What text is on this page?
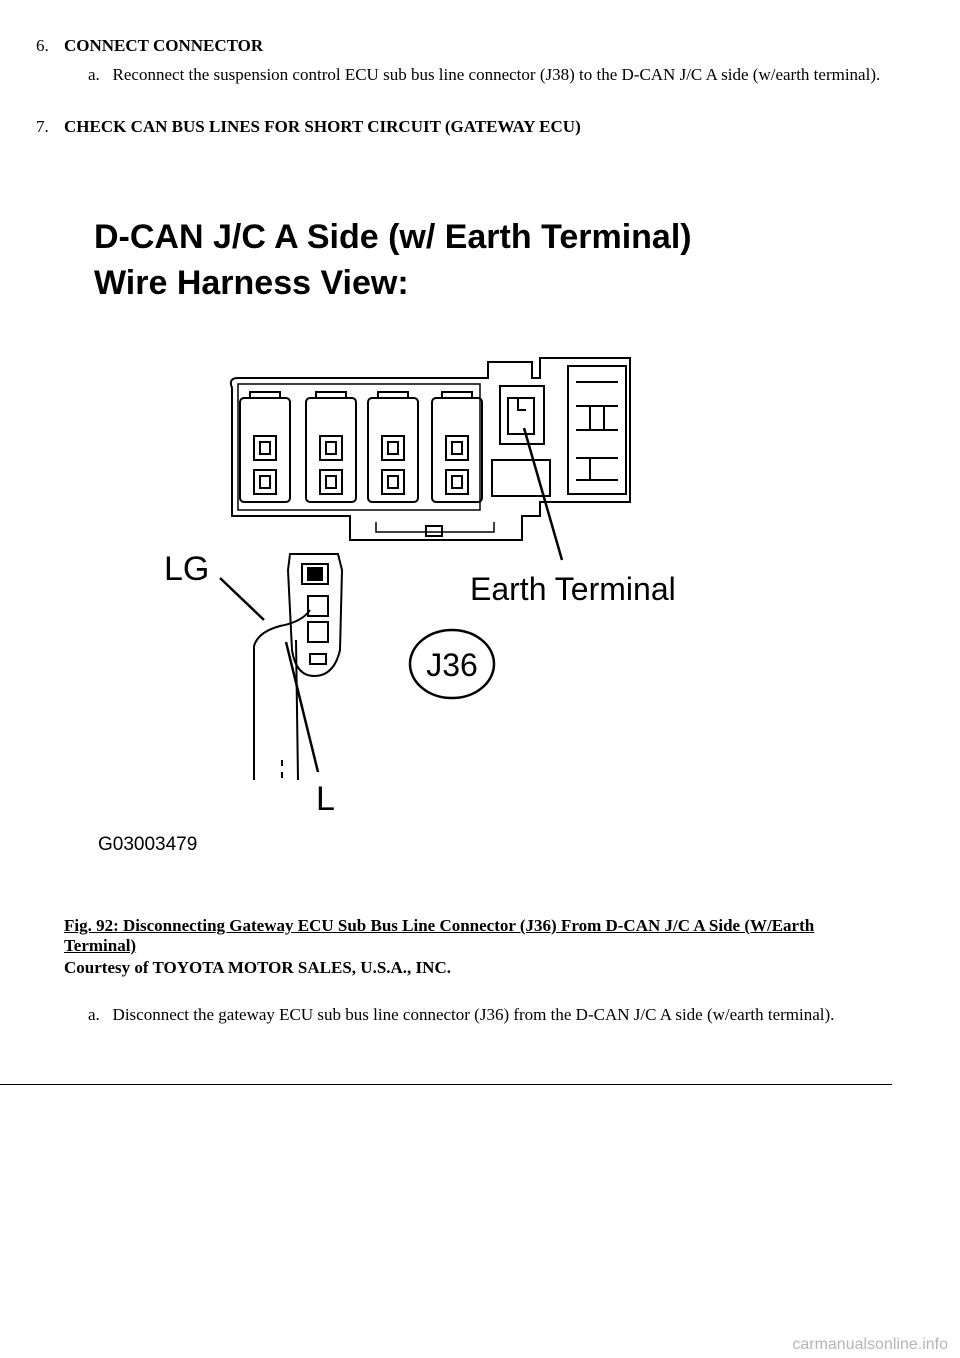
6. CONNECT CONNECTOR
a. Reconnect the suspension control ECU sub bus line connector (J38) to the D-CAN J/C A side (w/earth terminal).
7. CHECK CAN BUS LINES FOR SHORT CIRCUIT (GATEWAY ECU)
D-CAN J/C A Side (w/ Earth Terminal)
Wire Harness View:
LG
L
Earth Terminal
J36
G03003479
Fig. 92: Disconnecting Gateway ECU Sub Bus Line Connector (J36) From D-CAN J/C A Side (W/Earth Terminal)
Courtesy of TOYOTA MOTOR SALES, U.S.A., INC.
a. Disconnect the gateway ECU sub bus line connector (J36) from the D-CAN J/C A side (w/earth terminal).
carmanualsonline.info
